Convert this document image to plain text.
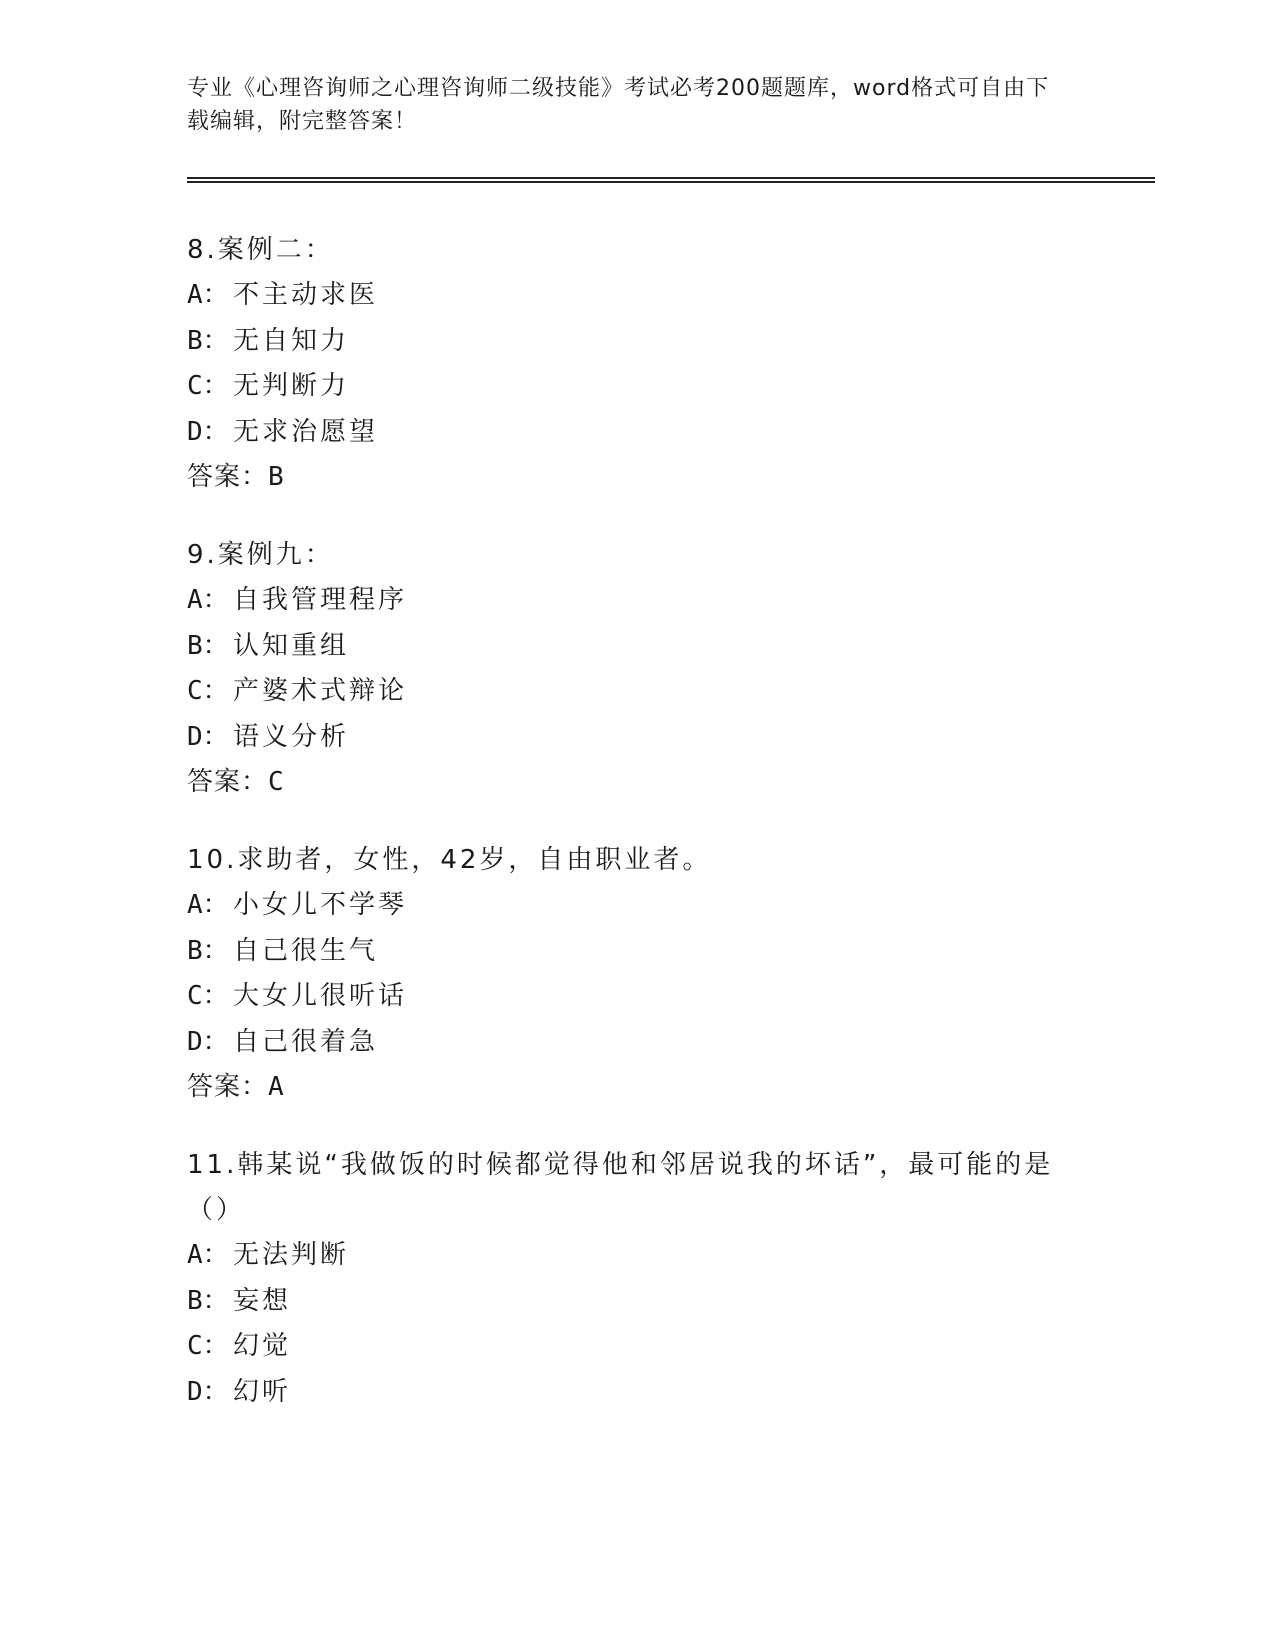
专业《心理咨询师之心理咨询师二级技能》考试必考200题题库，word格式可自由下载编辑，附完整答案！
8.案例二：
A： 不主动求医
B： 无自知力
C： 无判断力
D： 无求治愿望
答案：B
9.案例九：
A： 自我管理程序
B： 认知重组
C： 产婆术式辩论
D： 语义分析
答案：C
10.求助者，女性，42岁，自由职业者。
A： 小女儿不学琴
B： 自己很生气
C： 大女儿很听话
D： 自己很着急
答案：A
11.韩某说“我做饭的时候都觉得他和邻居说我的坏话”，最可能的是（）
A： 无法判断
B： 妄想
C： 幻觉
D： 幻听
